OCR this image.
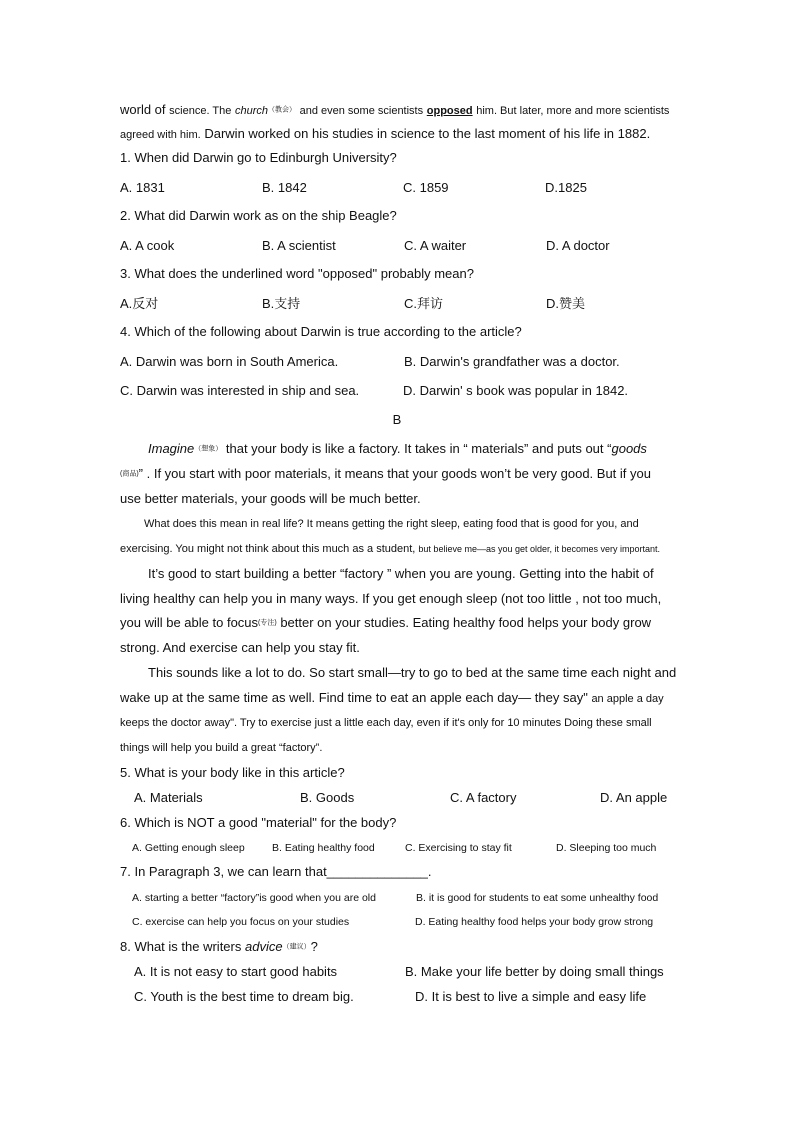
world of science. The church（教会） and even some scientists opposed him. But later, more and more scientists
agreed with him. Darwin worked on his studies in science to the last moment of his life in 1882.
1. When did Darwin go to Edinburgh University?
A. 1831	B. 1842	C. 1859	D.1825
2. What did Darwin work as on the ship Beagle?
A. A cook	B. A scientist	C. A waiter	D. A doctor
3. What does the underlined word "opposed" probably mean?
A.反对	B.支持	C.拜访	D.赞美
4. Which of the following about Darwin is true according to the article?
A. Darwin was born in South America.	B. Darwin's grandfather was a doctor.
C. Darwin was interested in ship and sea.	D. Darwin' s book was popular in 1842.
B
Imagine（想象） that your body is like a factory. It takes in “ materials” and puts out “goods
(商品)” . If you start with poor materials, it means that your goods won’t be very good. But if you
use better materials, your goods will be much better.
What does this mean in real life? It means getting the right sleep, eating food that is good for you, and
exercising. You might not think about this much as a student, but believe me—as you get older, it becomes very important.
It’s good to start building a better “factory ” when you are young. Getting into the habit of
living healthy can help you in many ways. If you get enough sleep (not too little , not too much,
you will be able to focus(专注) better on your studies. Eating healthy food helps your body grow
strong. And exercise can help you stay fit.
This sounds like a lot to do. So start small—try to go to bed at the same time each night and
wake up at the same time as well. Find time to eat an apple each day— they say" an apple a day
keeps the doctor away". Try to exercise just a little each day, even if it's only for 10 minutes Doing these small
things will help you build a great “factory”.
5. What is your body like in this article?
A. Materials	B. Goods	C. A factory	D. An apple
6. Which is NOT a good "material" for the body?
A. Getting enough sleep	B. Eating healthy food	C. Exercising to stay fit	D. Sleeping too much
7. In Paragraph 3, we can learn that______________.
A. starting a better “factory”is good when you are old	B. it is good for students to eat some unhealthy food
C. exercise can help you focus on your studies	D. Eating healthy food helps your body grow strong
8. What is the writers advice（建议）?
A. It is not easy to start good habits	B. Make your life better by doing small things
C. Youth is the best time to dream big.	D. It is best to live a simple and easy life
